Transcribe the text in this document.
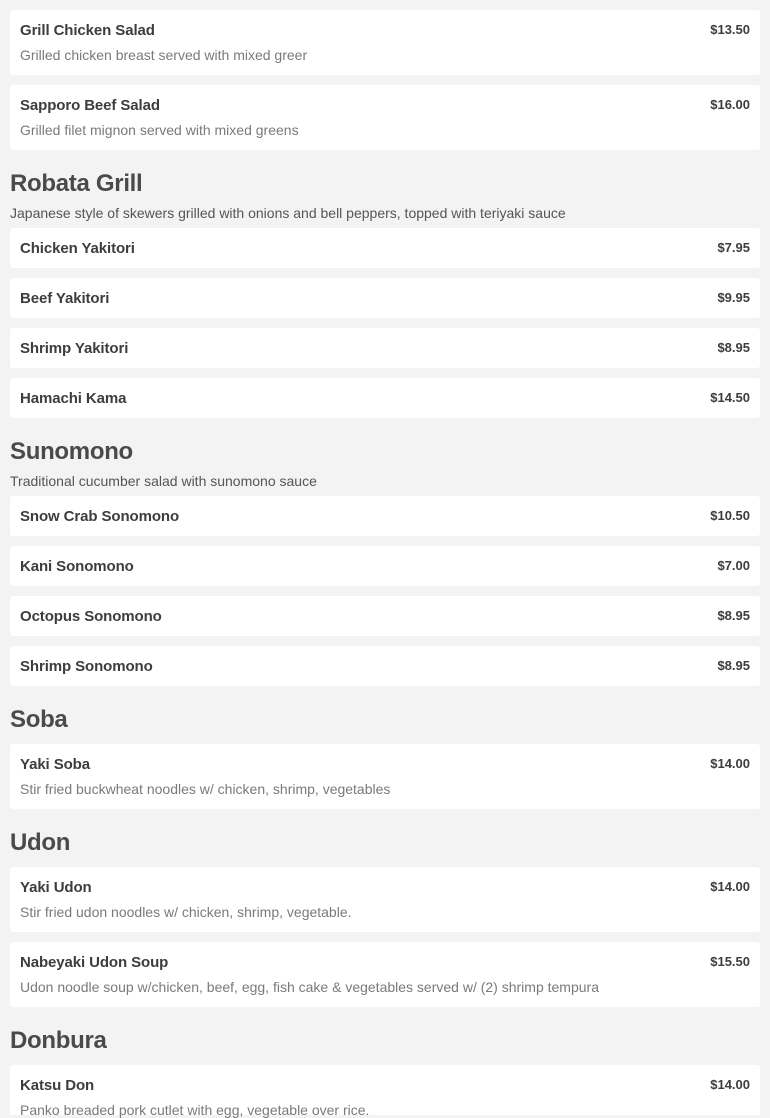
Grill Chicken Salad	$13.50
Grilled chicken breast served with mixed greer
Sapporo Beef Salad	$16.00
Grilled filet mignon served with mixed greens
Robata Grill
Japanese style of skewers grilled with onions and bell peppers, topped with teriyaki sauce
Chicken Yakitori	$7.95
Beef Yakitori	$9.95
Shrimp Yakitori	$8.95
Hamachi Kama	$14.50
Sunomono
Traditional cucumber salad with sunomono sauce
Snow Crab Sonomono	$10.50
Kani Sonomono	$7.00
Octopus Sonomono	$8.95
Shrimp Sonomono	$8.95
Soba
Yaki Soba	$14.00
Stir fried buckwheat noodles w/ chicken, shrimp, vegetables
Udon
Yaki Udon	$14.00
Stir fried udon noodles w/ chicken, shrimp, vegetable.
Nabeyaki Udon Soup	$15.50
Udon noodle soup w/chicken, beef, egg, fish cake & vegetables served w/ (2) shrimp tempura
Donbura
Katsu Don	$14.00
Panko breaded pork cutlet with egg, vegetable over rice.
